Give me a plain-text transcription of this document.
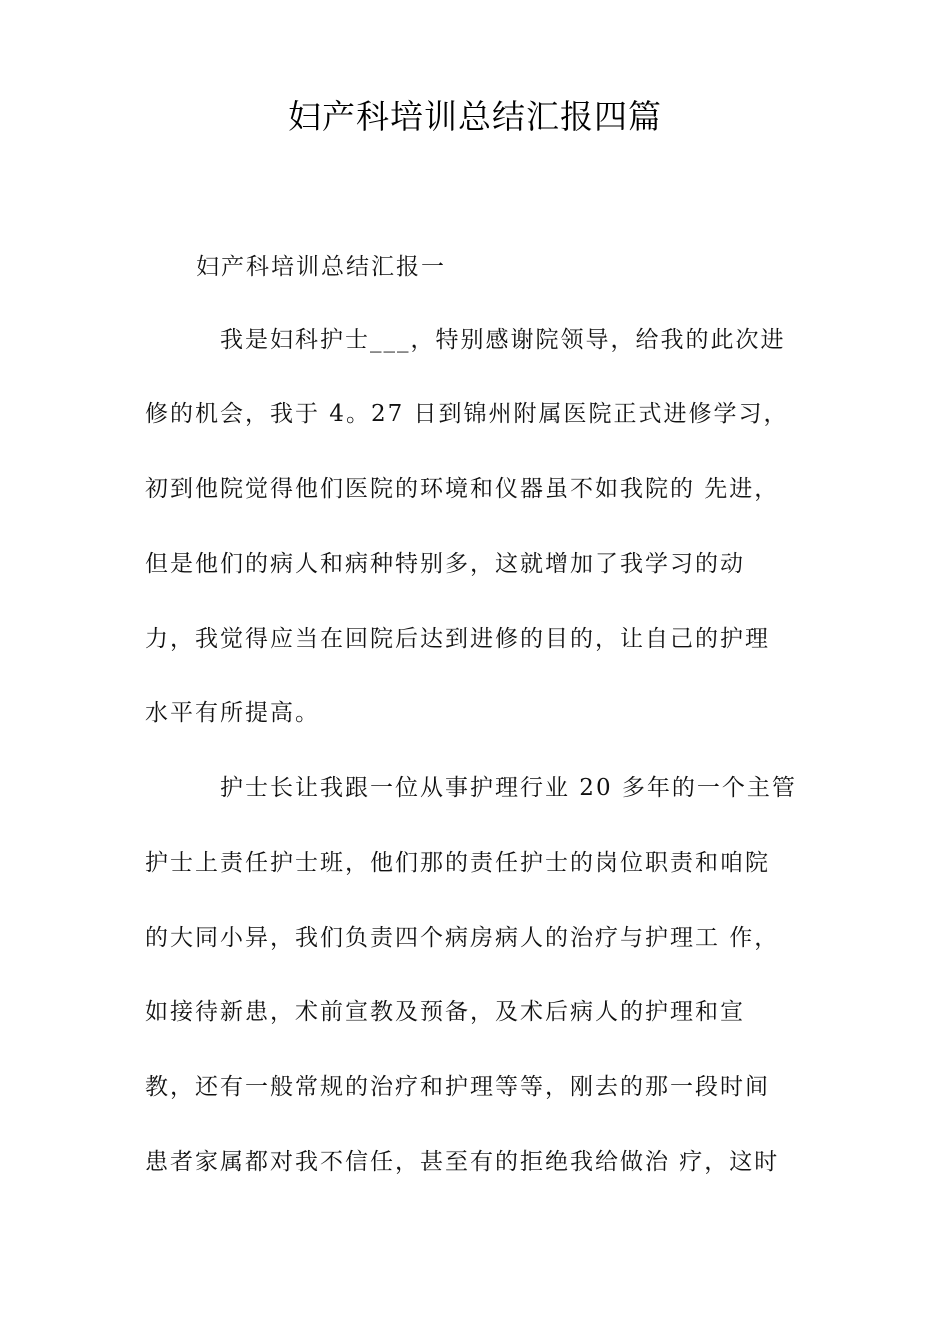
妇产科培训总结汇报四篇
妇产科培训总结汇报一
我是妇科护士___，特别感谢院领导，给我的此次进
修的机会，我于 4。27 日到锦州附属医院正式进修学习，
初到他院觉得他们医院的环境和仪器虽不如我院的 先进，
但是他们的病人和病种特别多，这就增加了我学习的动
力，我觉得应当在回院后达到进修的目的，让自己的护理
水平有所提高。
护士长让我跟一位从事护理行业 20 多年的一个主管
护士上责任护士班，他们那的责任护士的岗位职责和咱院
的大同小异，我们负责四个病房病人的治疗与护理工 作，
如接待新患，术前宣教及预备，及术后病人的护理和宣
教，还有一般常规的治疗和护理等等，刚去的那一段时间
患者家属都对我不信任，甚至有的拒绝我给做治 疗，这时
